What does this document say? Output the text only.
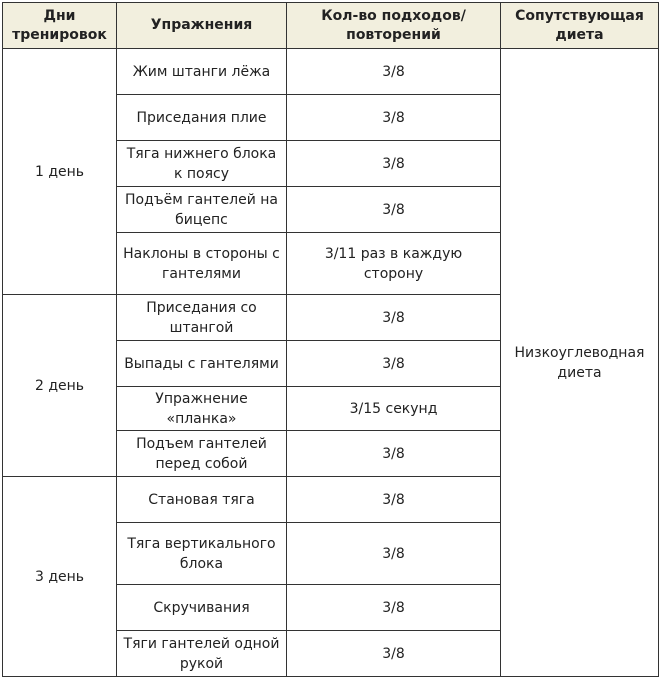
Дни тренировок	Упражнения	Кол-во подходов/повторений	Сопутствующая диета
1 день	Жим штанги лёжа	3/8	Низкоуглеводная диета
	Приседания плие	3/8	
	Тяга нижнего блока к поясу	3/8	
	Подъём гантелей на бицепс	3/8	
	Наклоны в стороны с гантелями	3/11 раз в каждую сторону	
2 день	Приседания со штангой	3/8	
	Выпады с гантелями	3/8	
	Упражнение «планка»	3/15 секунд	
	Подъем гантелей перед собой	3/8	
3 день	Становая тяга	3/8	
	Тяга вертикального блока	3/8	
	Скручивания	3/8	
	Тяги гантелей одной рукой	3/8	
